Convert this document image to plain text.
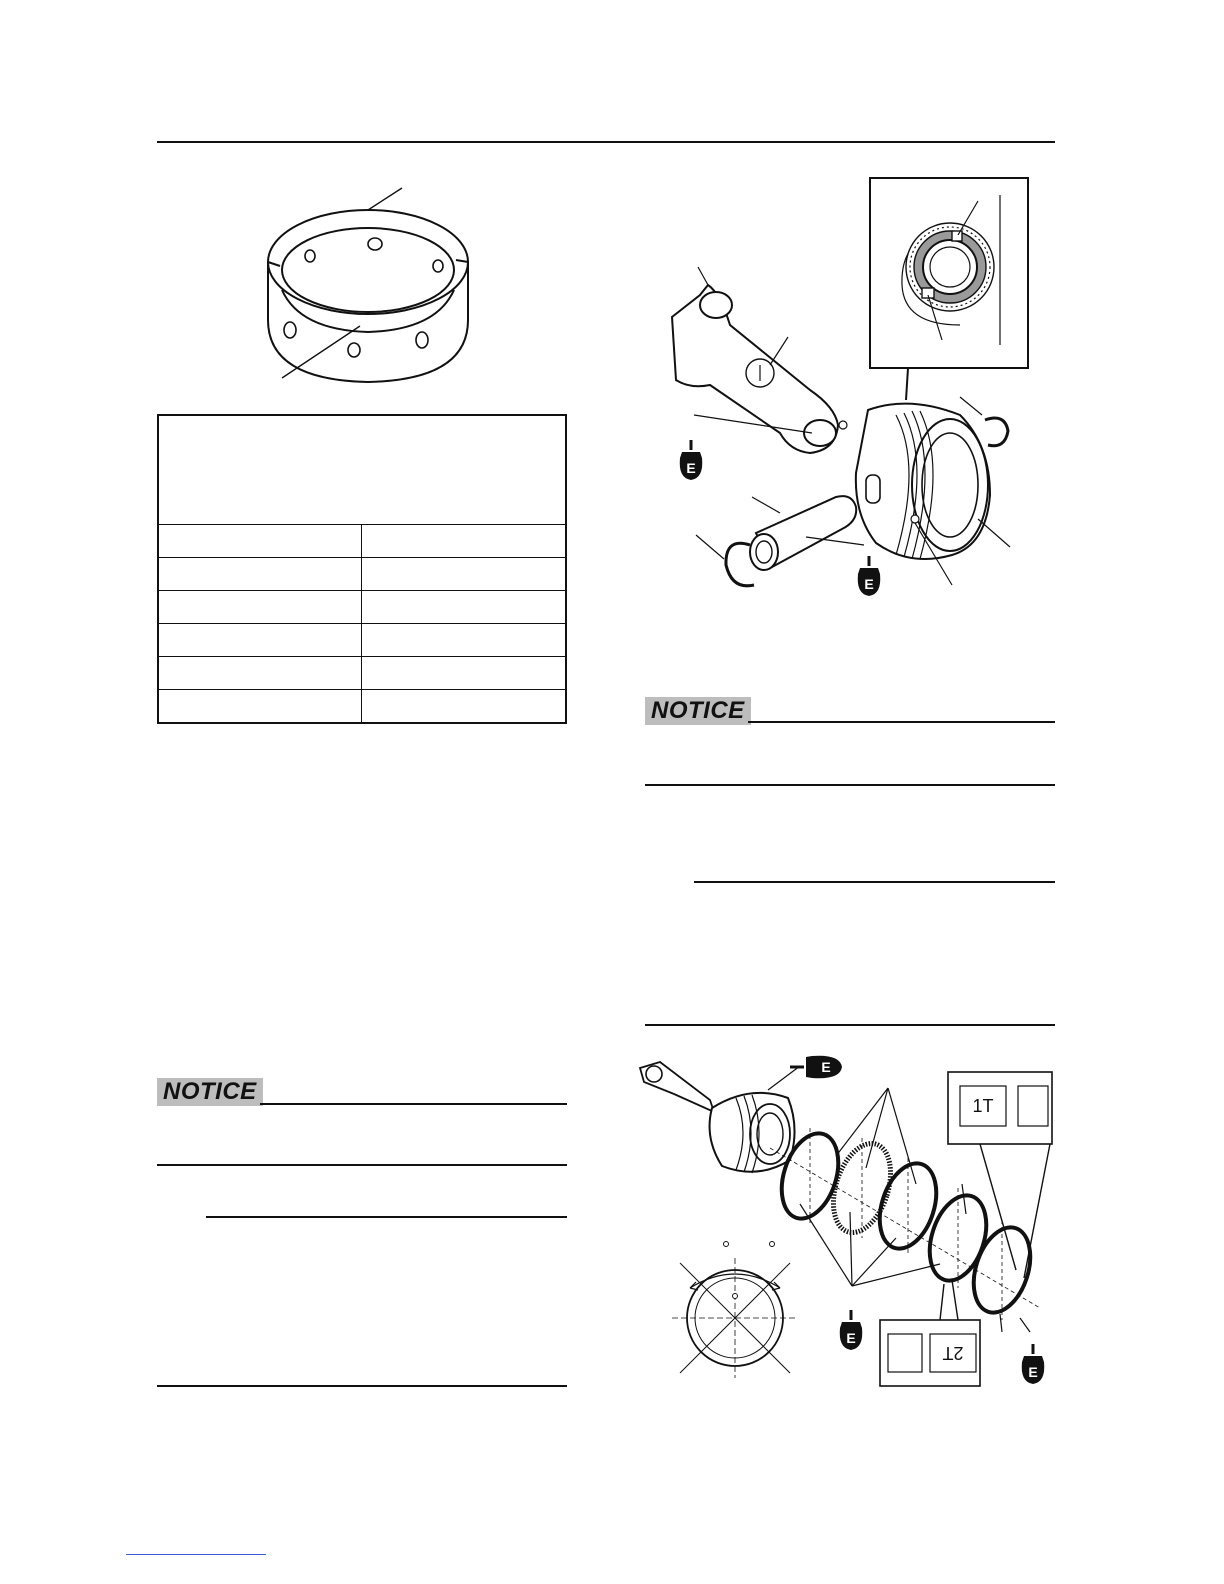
NOTICE
E
E
NOTICE
1T
2T
E
E
E
